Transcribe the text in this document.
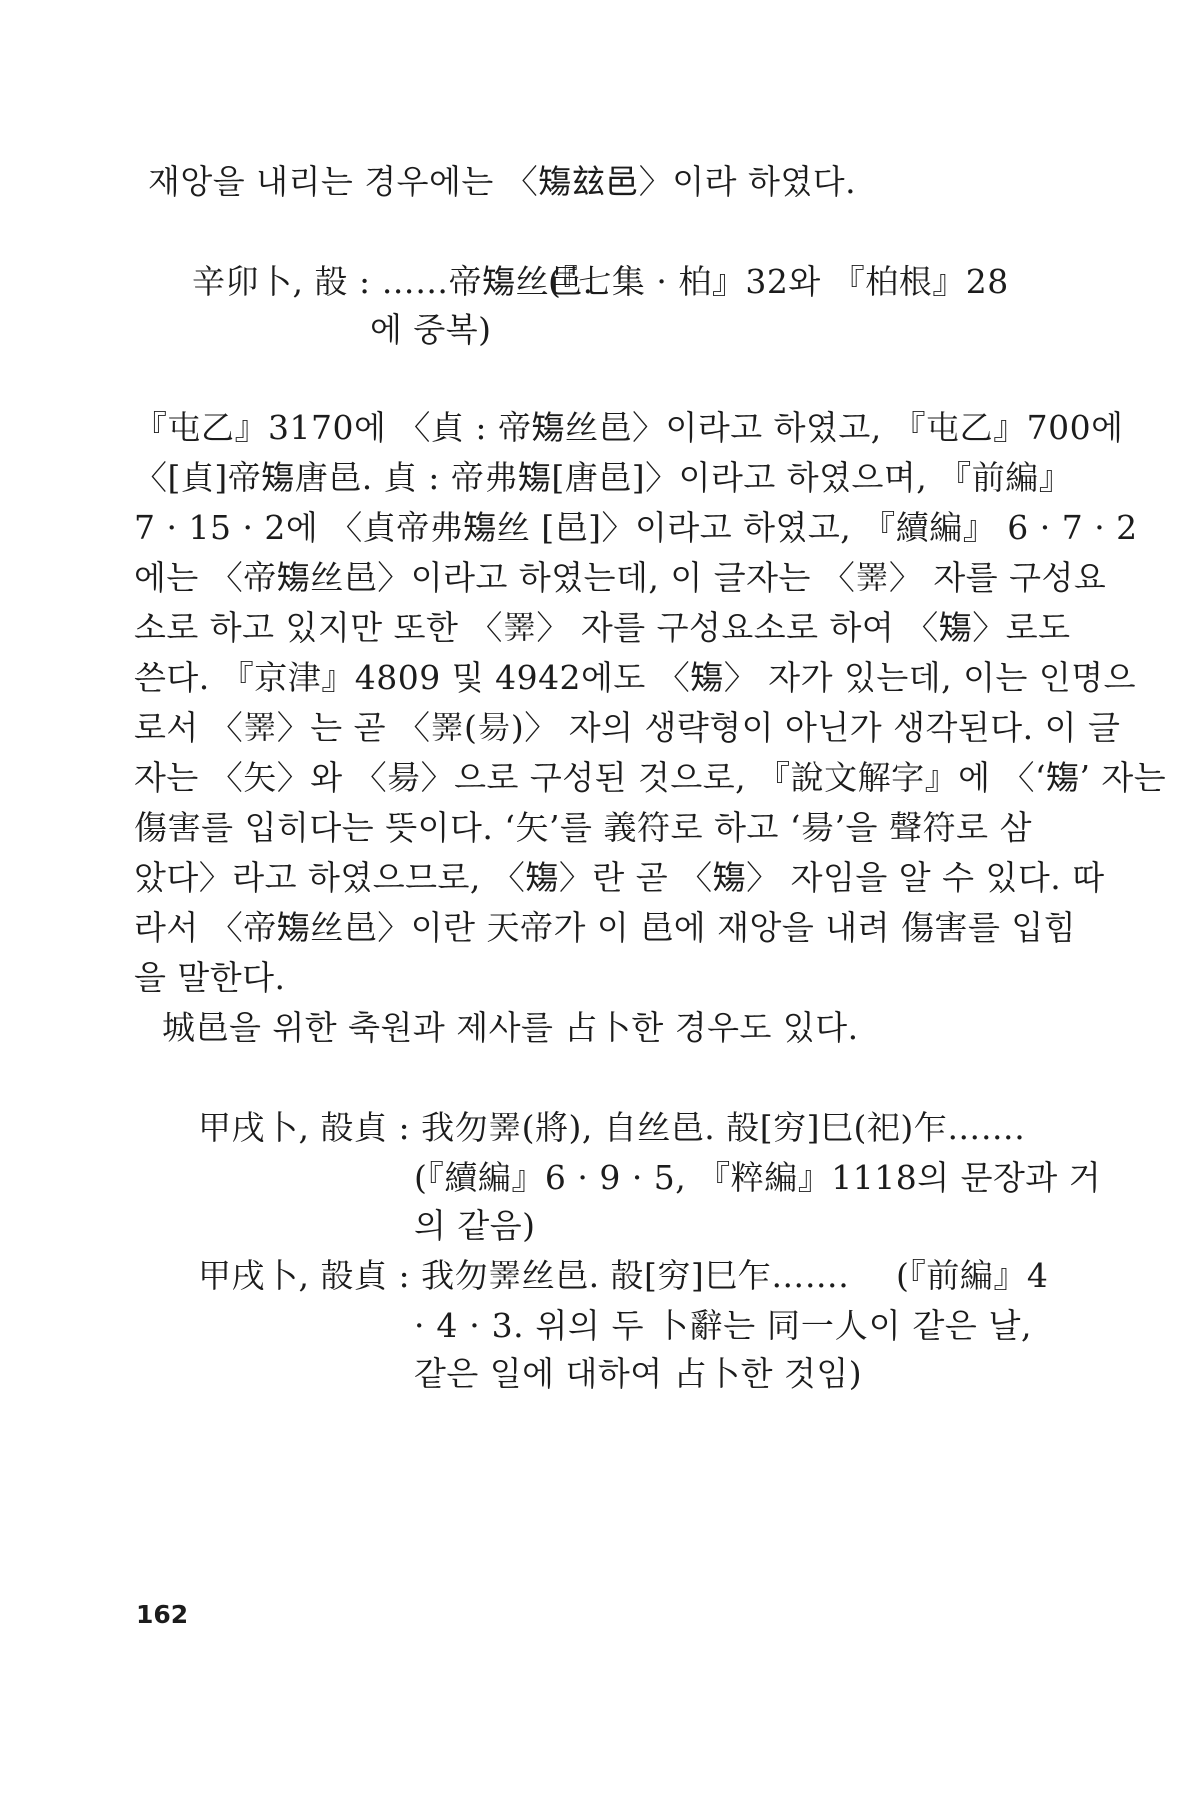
재앙을 내리는 경우에는 〈𥏻玆邑〉이라 하였다.
辛卯卜, 㱿 : ……帝𥏻丝邑.
(『七集 · 柏』32와 『柏根』28
에 중복)
『屯乙』3170에 〈貞 : 帝𥏻丝邑〉이라고 하였고, 『屯乙』700에
〈[貞]帝𥏻唐邑. 貞 : 帝弗𥏻[唐邑]〉이라고 하였으며, 『前編』
7 · 15 · 2에 〈貞帝弗𥏻丝 [邑]〉이라고 하였고, 『續編』 6 · 7 · 2
에는 〈帝𥏻丝邑〉이라고 하였는데, 이 글자는 〈𢍰〉 자를 구성요
소로 하고 있지만 또한 〈𢍰〉 자를 구성요소로 하여 〈𥏻〉로도
쓴다. 『京津』4809 및 4942에도 〈𥏻〉 자가 있는데, 이는 인명으
로서 〈𢍰〉는 곧 〈𢍰(昜)〉 자의 생략형이 아닌가 생각된다. 이 글
자는 〈矢〉와 〈昜〉으로 구성된 것으로, 『說文解字』에 〈‘𥏻’ 자는
傷害를 입히다는 뜻이다. ‘矢’를 義符로 하고 ‘昜’을 聲符로 삼
았다〉라고 하였으므로, 〈𥏻〉란 곧 〈𥏻〉 자임을 알 수 있다. 따
라서 〈帝𥏻丝邑〉이란 天帝가 이 邑에 재앙을 내려 傷害를 입힘
을 말한다.
城邑을 위한 축원과 제사를 占卜한 경우도 있다.
甲戌卜, 㱿貞 : 我勿𢍰(將), 自丝邑. 㱿[穷]巳(祀)乍…….
(『續編』6 · 9 · 5, 『粹編』1118의 문장과 거
의 같음)
甲戌卜, 㱿貞 : 我勿𢍰丝邑. 㱿[穷]巳乍……. (『前編』4
· 4 · 3. 위의 두 卜辭는 同一人이 같은 날,
같은 일에 대하여 占卜한 것임)
162
